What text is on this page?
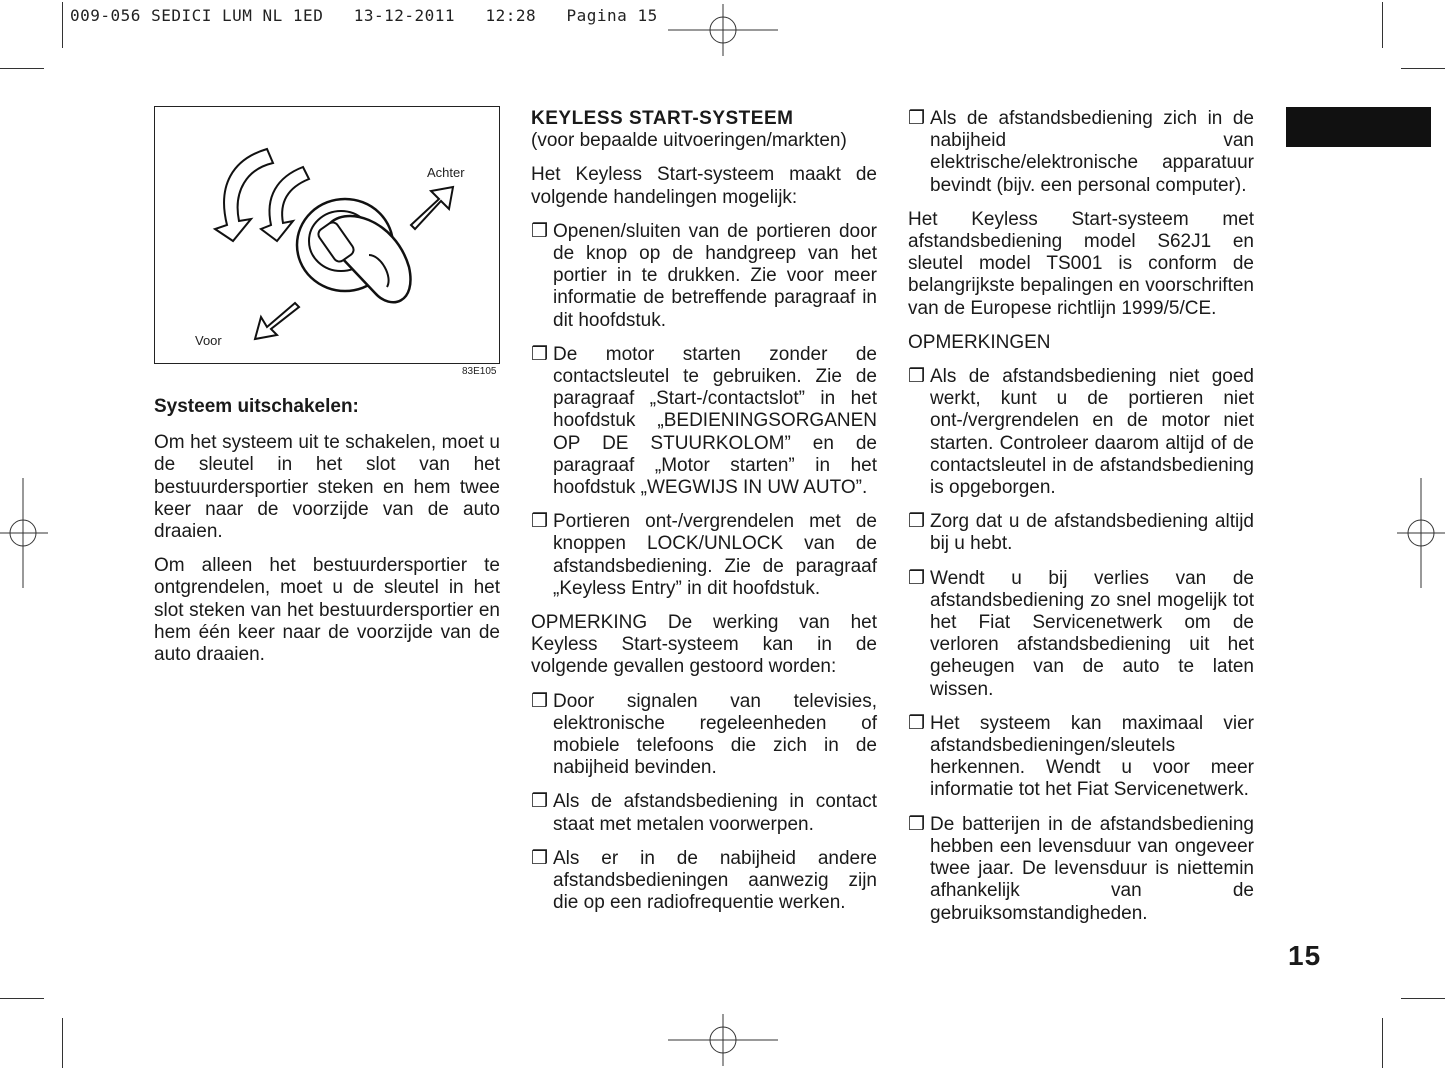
009-056 SEDICI LUM NL 1ED   13-12-2011   12:28   Pagina 15
Achter
Voor
83E105

Systeem uitschakelen:

Om het systeem uit te schakelen, moet u de sleutel in het slot van het bestuurdersportier steken en hem twee keer naar de voorzijde van de auto draaien.

Om alleen het bestuurdersportier te ontgrendelen, moet u de sleutel in het slot steken van het bestuurdersportier en hem één keer naar de voorzijde van de auto draaien.

KEYLESS START-SYSTEEM

(voor bepaalde uitvoeringen/markten)

Het Keyless Start-systeem maakt de volgende handelingen mogelijk:

❒ Openen/sluiten van de portieren door de knop op de handgreep van het portier in te drukken. Zie voor meer informatie de betreffende paragraaf in dit hoofdstuk.
❒ De motor starten zonder de contactsleutel te gebruiken. Zie de paragraaf „Start-/contactslot” in het hoofdstuk „BEDIENINGSORGANEN OP DE STUURKOLOM” en de paragraaf „Motor starten” in het hoofdstuk „WEGWIJS IN UW AUTO”.
❒ Portieren ont-/vergrendelen met de knoppen LOCK/UNLOCK van de afstandsbediening. Zie de paragraaf „Keyless Entry” in dit hoofdstuk.

OPMERKING De werking van het Keyless Start-systeem kan in de volgende gevallen gestoord worden:

❒ Door signalen van televisies, elektronische regeleenheden of mobiele telefoons die zich in de nabijheid bevinden.
❒ Als de afstandsbediening in contact staat met metalen voorwerpen.
❒ Als er in de nabijheid andere afstandsbedieningen aanwezig zijn die op een radiofrequentie werken.
❒ Als de afstandsbediening zich in de nabijheid van elektrische/elektronische apparatuur bevindt (bijv. een personal computer).

Het Keyless Start-systeem met afstandsbediening model S62J1 en sleutel model TS001 is conform de belangrijkste bepalingen en voorschriften van de Europese richtlijn 1999/5/CE.

OPMERKINGEN

❒ Als de afstandsbediening niet goed werkt, kunt u de portieren niet ont-/vergrendelen en de motor niet starten. Controleer daarom altijd of de contactsleutel in de afstandsbediening is opgeborgen.
❒ Zorg dat u de afstandsbediening altijd bij u hebt.
❒ Wendt u bij verlies van de afstandsbediening zo snel mogelijk tot het Fiat Servicenetwerk om de verloren afstandsbediening uit het geheugen van de auto te laten wissen.
❒ Het systeem kan maximaal vier afstandsbedieningen/sleutels herkennen. Wendt u voor meer informatie tot het Fiat Servicenetwerk.
❒ De batterijen in de afstandsbediening hebben een levensduur van ongeveer twee jaar. De levensduur is niettemin afhankelijk van de gebruiksomstandigheden.
15
